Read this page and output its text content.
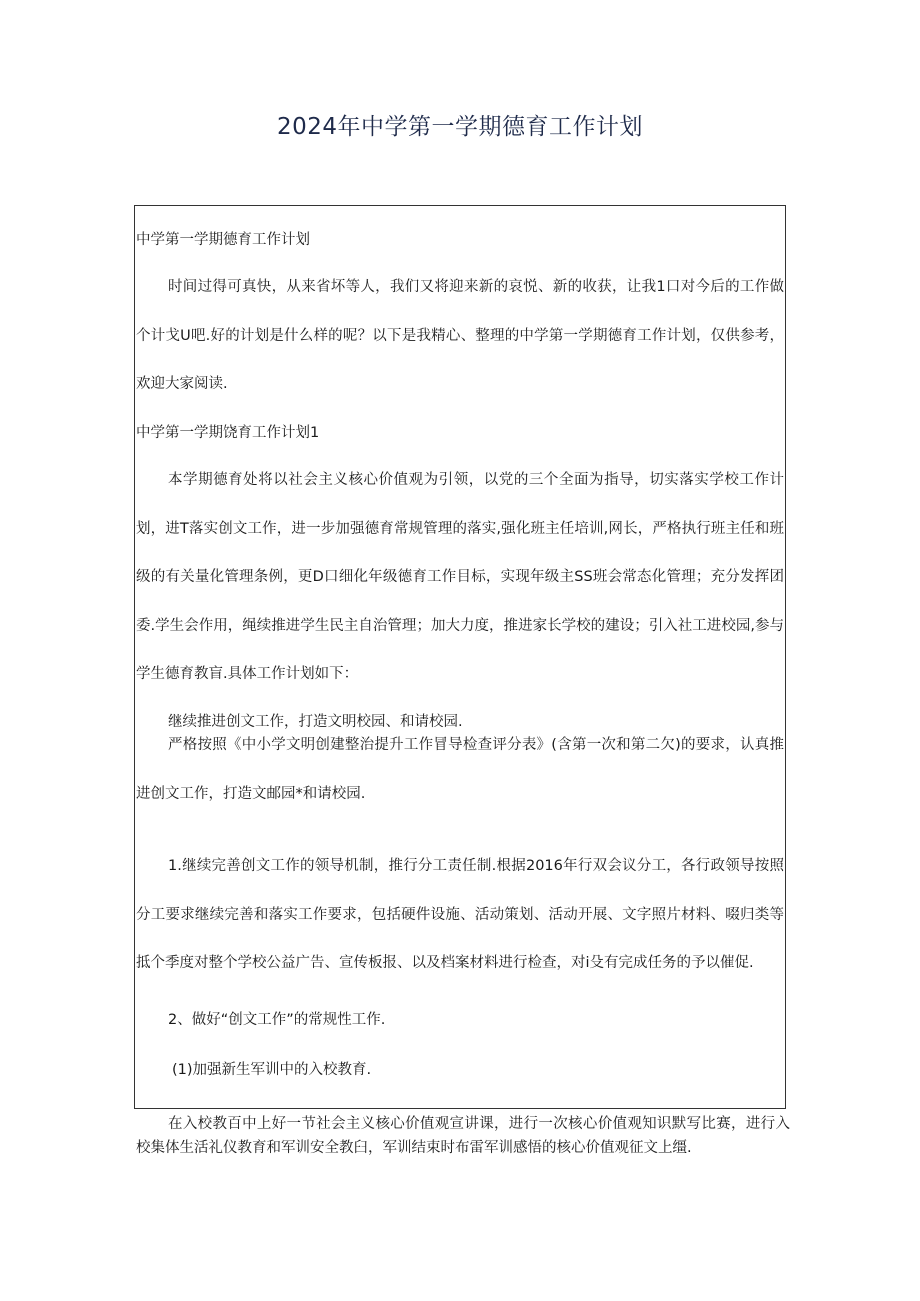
2024年中学第一学期德育工作计划
中学第一学期德育工作计划
时间过得可真快，从来省坏等人，我们又将迎来新的哀悦、新的收获，让我1口对今后的工作做个计戈U吧.好的计划是什么样的呢？以下是我精心、整理的中学第一学期德育工作计划，仅供参考，欢迎大家阅读.
中学第一学期饶育工作计划1
本学期德育处将以社会主义核心价值观为引领，以党的三个全面为指导，切实落实学校工作计划，进T落实创文工作，进一步加强德育常规管理的落实,强化班主任培训,网长，严格执行班主任和班级的有关量化管理条例，更D口细化年级德育工作目标，实现年级主SS班会常态化管理；充分发挥团委.学生会作用，绳续推进学生民主自治管理；加大力度，推进家长学校的建设；引入社工进校园,参与学生德育教盲.具体工作计划如下：
继续推进创文工作，打造文明校园、和请校园.
严格按照《中小学文明创建整治提升工作冒导检查评分表》(含第一次和第二欠)的要求，认真推进创文工作，打造文邮园*和请校园.
1.继续完善创文工作的领导机制，推行分工责任制.根据2016年行双会议分工，各行政领导按照分工要求继续完善和落实工作要求，包括硬件设施、活动策划、活动开展、文字照片材料、啜归类等抵个季度对整个学校公益广告、宣传板报、以及档案材料进行检查，对i殳有完成任务的予以催促.
2、做好“创文工作”的常规性工作.
(1)加强新生军训中的入校教育.
在入校教百中上好一节社会主义核心价值观宣讲课，进行一次核心价值观知识默写比赛，进行入校集体生活礼仪教育和军训安全教臼，军训结束时布雷军训感悟的核心价值观征文上缰.
